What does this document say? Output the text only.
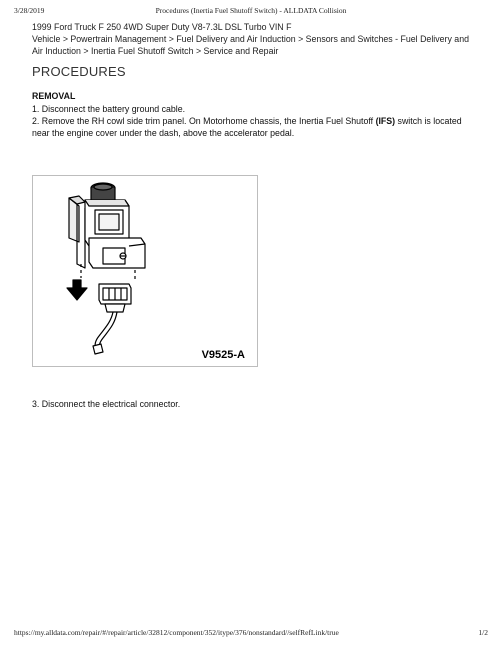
3/28/2019	Procedures (Inertia Fuel Shutoff Switch) - ALLDATA Collision
1999 Ford Truck F 250 4WD Super Duty V8-7.3L DSL Turbo VIN F
Vehicle > Powertrain Management > Fuel Delivery and Air Induction > Sensors and Switches - Fuel Delivery and Air Induction > Inertia Fuel Shutoff Switch > Service and Repair
PROCEDURES
REMOVAL
1. Disconnect the battery ground cable.
2. Remove the RH cowl side trim panel. On Motorhome chassis, the Inertia Fuel Shutoff (IFS) switch is located near the engine cover under the dash, above the accelerator pedal.
V9525-A
3. Disconnect the electrical connector.
https://my.alldata.com/repair/#/repair/article/32812/component/352/itype/376/nonstandard//selfRefLink/true	1/2
